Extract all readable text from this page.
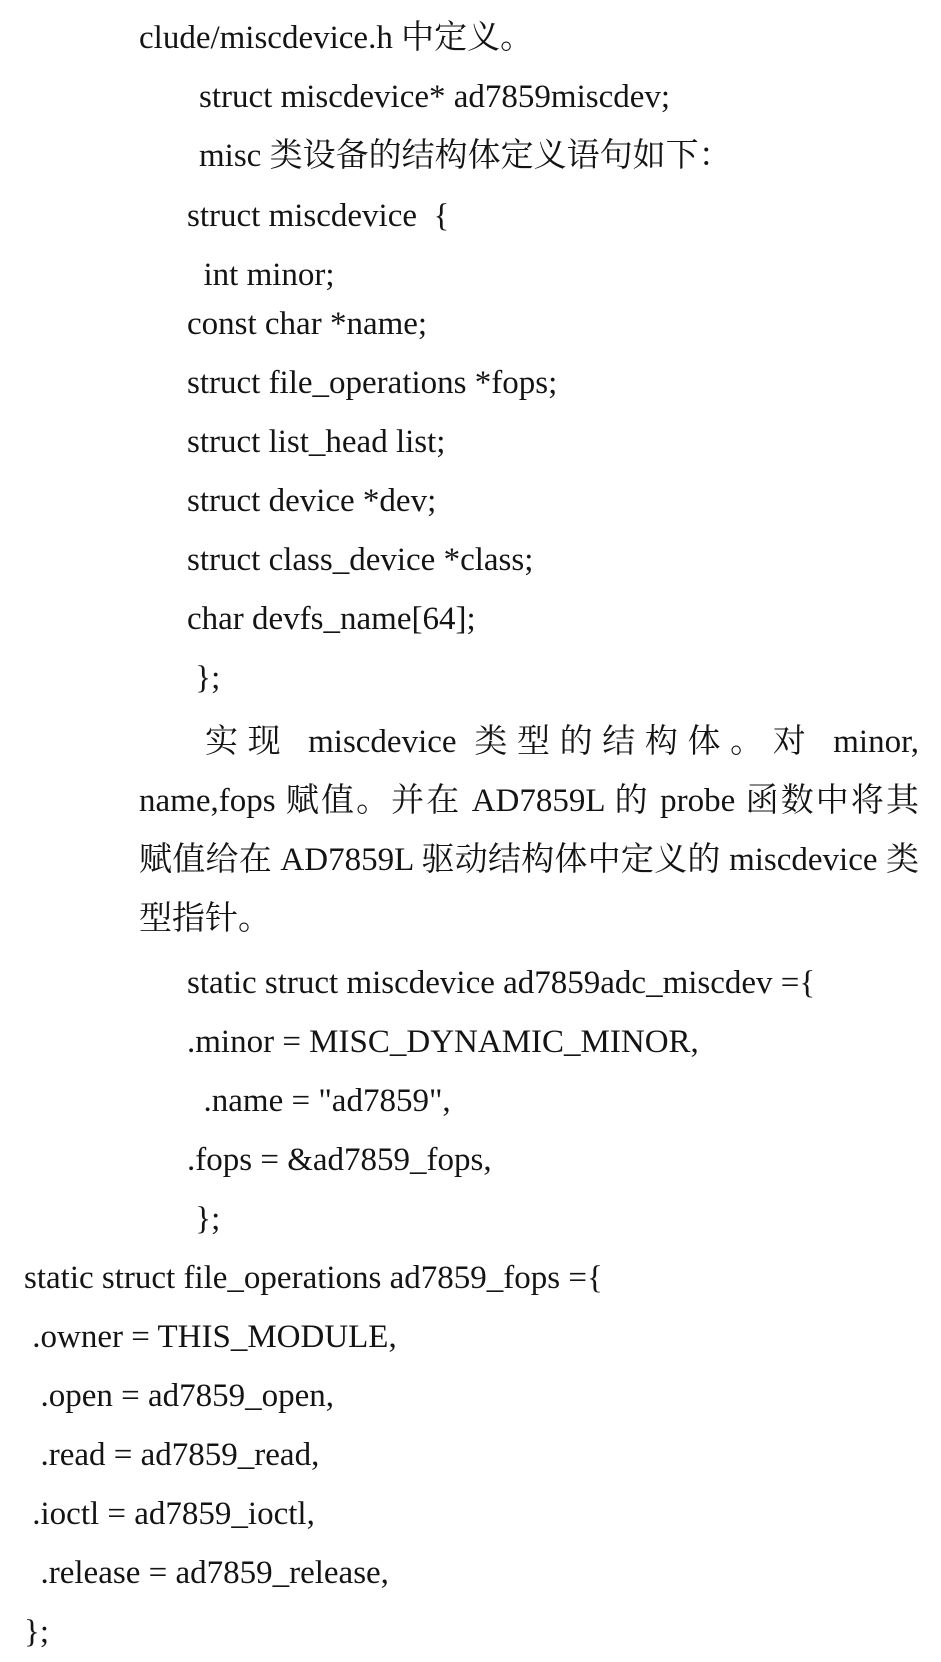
clude/miscdevice.h 中定义。
struct miscdevice* ad7859miscdev;
misc 类设备的结构体定义语句如下：
struct miscdevice  {
int minor;
const char *name;
struct file_operations *fops;
struct list_head list;
struct device *dev;
struct class_device *class;
char devfs_name[64];
};
实现 miscdevice 类型的结构体。对 minor, name,fops 赋值。并在 AD7859L 的 probe 函数中将其赋值给在 AD7859L 驱动结构体中定义的 miscdevice 类型指针。
static struct miscdevice ad7859adc_miscdev ={
.minor = MISC_DYNAMIC_MINOR,
.name = "ad7859",
.fops = &ad7859_fops,
};
static struct file_operations ad7859_fops ={
.owner = THIS_MODULE,
.open = ad7859_open,
.read = ad7859_read,
.ioctl = ad7859_ioctl,
.release = ad7859_release,
};
